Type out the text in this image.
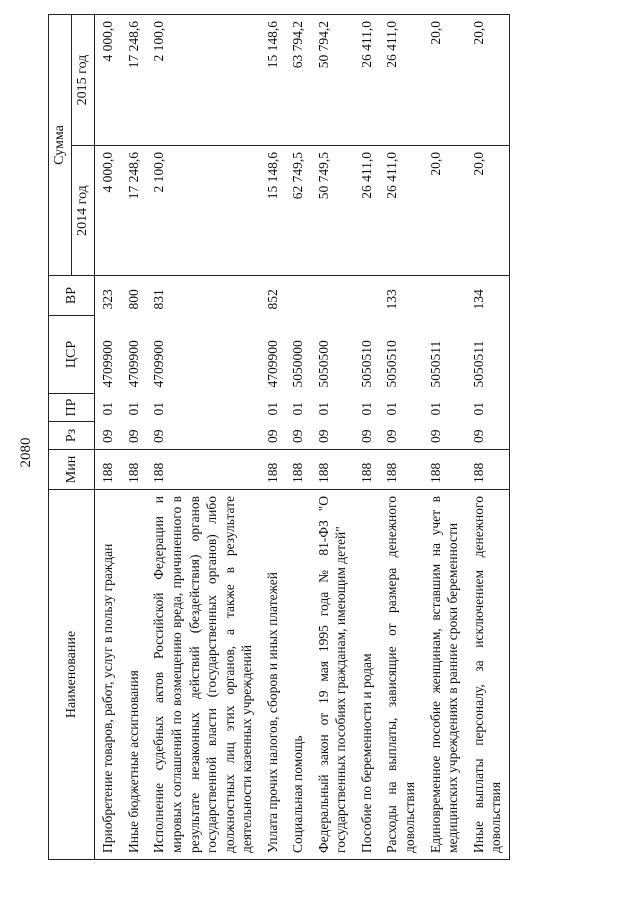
2080
Наименование	Мин	Рз	ПР	ЦСР	ВР	Сумма	
						2014 год	2015 год
Приобретение товаров, работ, услуг в пользу граждан	188	09	01	4709900	323	4 000,0	4 000,0
Иные бюджетные ассигнования	188	09	01	4709900	800	17 248,6	17 248,6
Исполнение судебных актов Российской Федерации и мировых соглашений по возмещению вреда, причиненного в результате незаконных действий (бездействия) органов государственной власти (государственных органов) либо должностных лиц этих органов, а также в результате деятельности казенных учреждений	188	09	01	4709900	831	2 100,0	2 100,0
Уплата прочих налогов, сборов и иных платежей	188	09	01	4709900	852	15 148,6	15 148,6
Социальная помощь	188	09	01	5050000		62 749,5	63 794,2
Федеральный закон от 19 мая 1995 года № 81-ФЗ "О государственных пособиях гражданам, имеющим детей"	188	09	01	5050500		50 749,5	50 794,2
Пособие по беременности и родам	188	09	01	5050510		26 411,0	26 411,0
Расходы на выплаты, зависящие от размера денежного довольствия	188	09	01	5050510	133	26 411,0	26 411,0
Единовременное пособие женщинам, вставшим на учет в медицинских учреждениях в ранние сроки беременности	188	09	01	5050511		20,0	20,0
Иные выплаты персоналу, за исключением денежного довольствия	188	09	01	5050511	134	20,0	20,0
